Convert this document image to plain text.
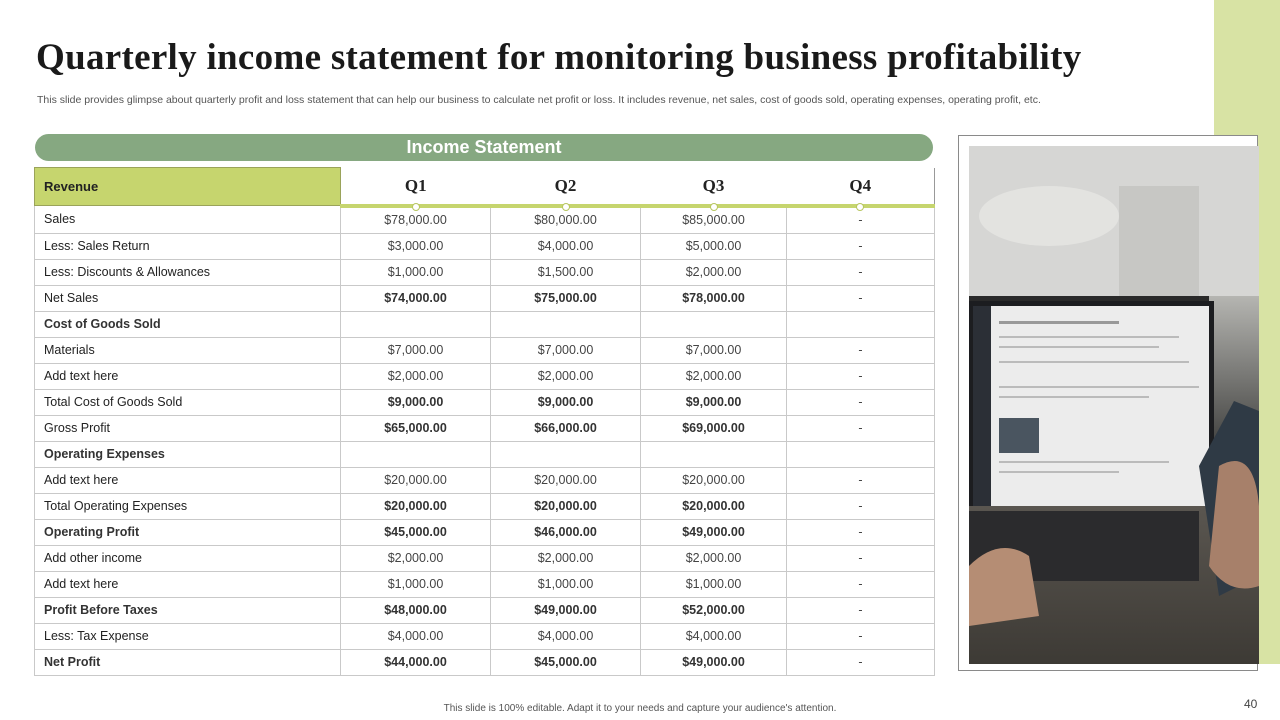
Quarterly income statement for monitoring business profitability

This slide provides glimpse about quarterly profit and loss statement that can help our business to calculate net profit or loss. It includes revenue, net sales, cost of goods sold, operating expenses, operating profit, etc.

Income Statement
Revenue	Q1	Q2	Q3	Q4

Sales	$78,000.00	$80,000.00	$85,000.00	-
Less: Sales Return	$3,000.00	$4,000.00	$5,000.00	-
Less: Discounts & Allowances	$1,000.00	$1,500.00	$2,000.00	-
Net Sales	$74,000.00	$75,000.00	$78,000.00	-
Cost of Goods Sold				
Materials	$7,000.00	$7,000.00	$7,000.00	-
Add text here	$2,000.00	$2,000.00	$2,000.00	-
Total Cost of Goods Sold	$9,000.00	$9,000.00	$9,000.00	-
Gross Profit	$65,000.00	$66,000.00	$69,000.00	-
Operating Expenses				
Add text here	$20,000.00	$20,000.00	$20,000.00	-
Total Operating Expenses	$20,000.00	$20,000.00	$20,000.00	-
Operating Profit	$45,000.00	$46,000.00	$49,000.00	-
Add other income	$2,000.00	$2,000.00	$2,000.00	-
Add text here	$1,000.00	$1,000.00	$1,000.00	-
Profit Before Taxes	$48,000.00	$49,000.00	$52,000.00	-
Less: Tax Expense	$4,000.00	$4,000.00	$4,000.00	-
Net Profit	$44,000.00	$45,000.00	$49,000.00	-
This slide is 100% editable. Adapt it to your needs and capture your audience's attention.	40
